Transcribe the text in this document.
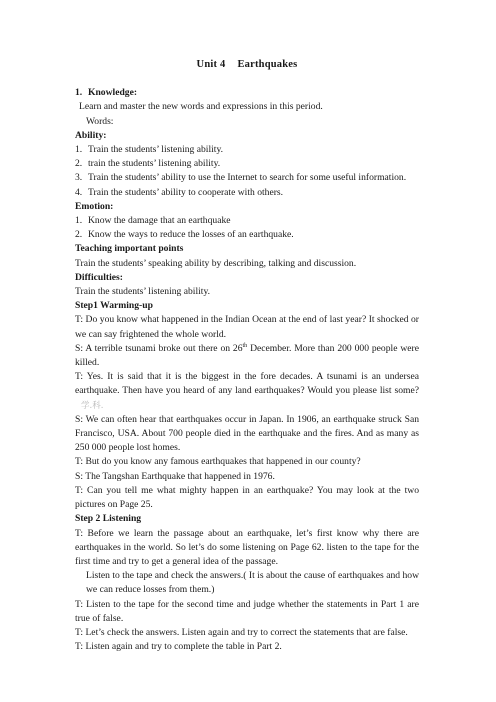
Unit 4 Earthquakes
1. Knowledge:

Learn and master the new words and expressions in this period.

Words:

Ability:

1. Train the students’ listening ability.
2. train the students’ listening ability.
3. Train the students’ ability to use the Internet to search for some useful information.
4. Train the students’ ability to cooperate with others.

Emotion:

1. Know the damage that an earthquake
2. Know the ways to reduce the losses of an earthquake.

Teaching important points

Train the students’ speaking ability by describing, talking and discussion.

Difficulties:

Train the students’ listening ability.

Step1 Warming-up

T: Do you know what happened in the Indian Ocean at the end of last year? It shocked or we can say frightened the whole world.

S: A terrible tsunami broke out there on 26th December. More than 200 000 people were killed.

T: Yes. It is said that it is the biggest in the fore decades. A tsunami is an undersea earthquake. Then have you heard of any land earthquakes? Would you please list some?学.科.

S: We can often hear that earthquakes occur in Japan. In 1906, an earthquake struck San Francisco, USA. About 700 people died in the earthquake and the fires. And as many as 250 000 people lost homes.

T: But do you know any famous earthquakes that happened in our county?

S: The Tangshan Earthquake that happened in 1976.

T: Can you tell me what mighty happen in an earthquake? You may look at the two pictures on Page 25.

Step 2 Listening

T: Before we learn the passage about an earthquake, let’s first know why there are earthquakes in the world. So let’s do some listening on Page 62. listen to the tape for the first time and try to get a general idea of the passage.

Listen to the tape and check the answers.( It is about the cause of earthquakes and how we can reduce losses from them.)

T: Listen to the tape for the second time and judge whether the statements in Part 1 are true of false.

T: Let’s check the answers. Listen again and try to correct the statements that are false.

T: Listen again and try to complete the table in Part 2.
